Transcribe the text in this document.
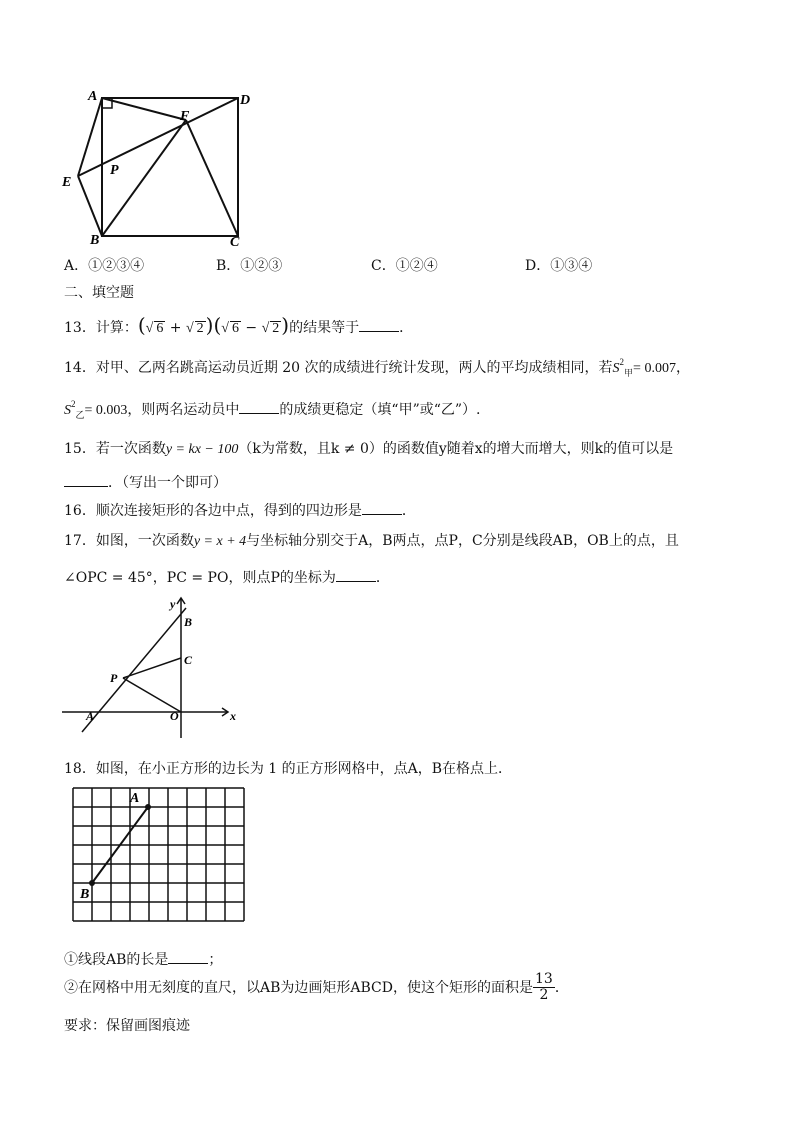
A	D
E
P
F
B	C
A．①②③④	B．①②③	C．①②④	D．①③④
二、填空题
13．计算：(√ 6 + √ 2 )(√ 6 − √ 2 )的结果等于	．
14．对甲、乙两名跳高运动员近期 20 次的成绩进行统计发现，两人的平均成绩相同，若$S^2_甲= 0.007$，
$S^2_乙= 0.003$，则两名运动员中	的成绩更稳定（填“甲”或“乙”）.
15．若一次函数y = kx − 100（k为常数，且k ≠ 0）的函数值y随着x的增大而增大，则k的值可以是
．（写出一个即可）
16．顺次连接矩形的各边中点，得到的四边形是	．
17．如图，一次函数y = x + 4与坐标轴分别交于A，B两点，点P，C分别是线段AB，OB上的点，且
∠OPC = 45°，PC = PO，则点P的坐标为	．
y
B
C
P
A	O	x
18．如图，在小正方形的边长为 1 的正方形网格中，点A，B在格点上．
A
B
①线段AB的长是	；
②在网格中用无刻度的直尺，以AB为边画矩形ABCD，使这个矩形的面积是 $\frac{13}{2}$ ．
要求：保留画图痕迹
